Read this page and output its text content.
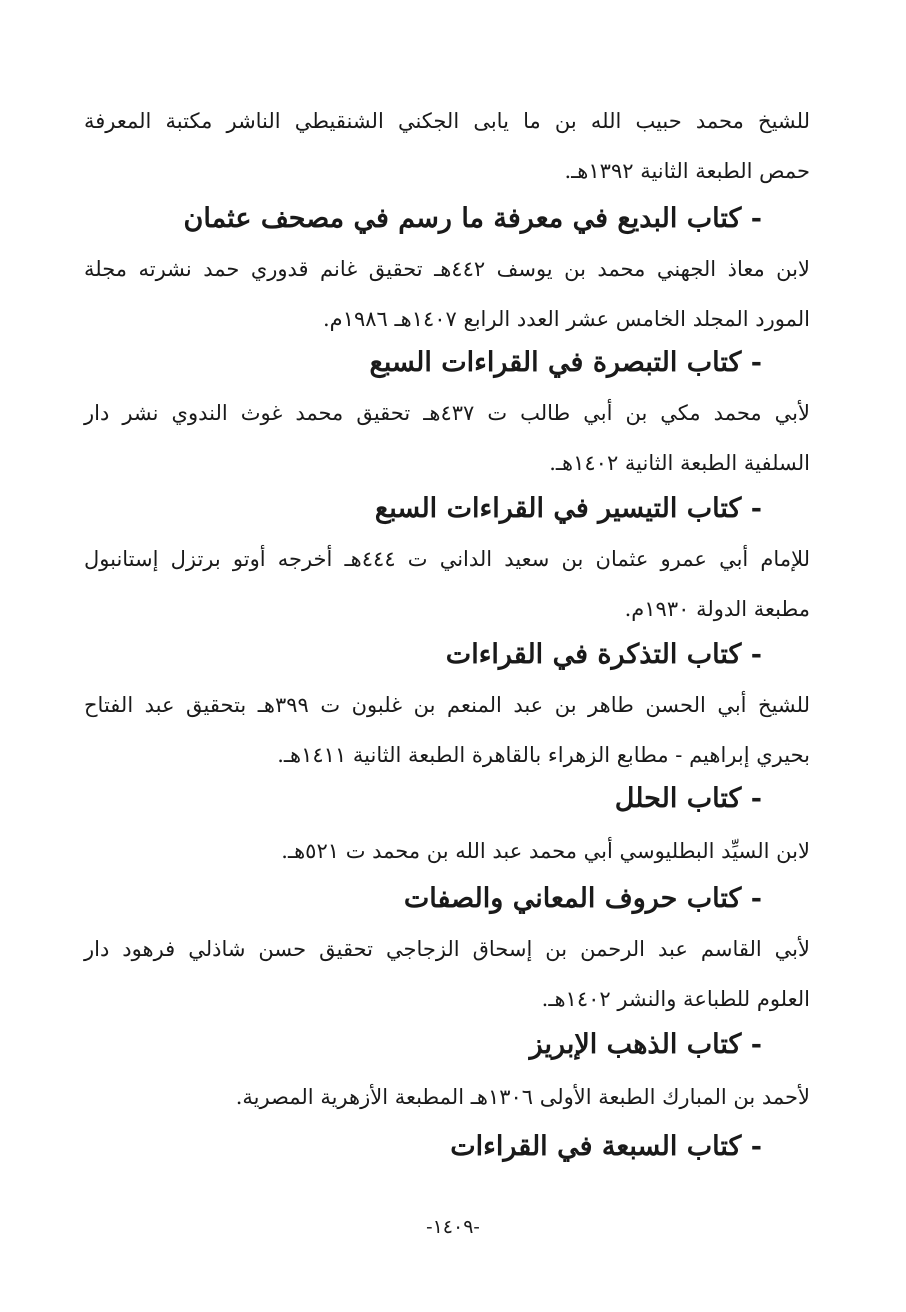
للشيخ محمد حبيب الله بن ما يابى الجكني الشنقيطي الناشر مكتبة المعرفة
حمص الطبعة الثانية ١٣٩٢هـ.
- كتاب البديع في معرفة ما رسم في مصحف عثمان
لابن معاذ الجهني محمد بن يوسف ٤٤٢هـ تحقيق غانم قدوري حمد نشرته مجلة
المورد المجلد الخامس عشر العدد الرابع ١٤٠٧هـ ١٩٨٦م.
- كتاب التبصرة في القراءات السبع
لأبي محمد مكي بن أبي طالب ت ٤٣٧هـ تحقيق محمد غوث الندوي نشر دار
السلفية الطبعة الثانية ١٤٠٢هـ.
- كتاب التيسير في القراءات السبع
للإمام أبي عمرو عثمان بن سعيد الداني ت ٤٤٤هـ أخرجه أوتو برتزل إستانبول
مطبعة الدولة ١٩٣٠م.
- كتاب التذكرة في القراءات
للشيخ أبي الحسن طاهر بن عبد المنعم بن غلبون ت ٣٩٩هـ بتحقيق عبد الفتاح
بحيري إبراهيم - مطابع الزهراء بالقاهرة الطبعة الثانية ١٤١١هـ.
- كتاب الحلل
لابن السيِّد البطليوسي أبي محمد عبد الله بن محمد ت ٥٢١هـ.
- كتاب حروف المعاني والصفات
لأبي القاسم عبد الرحمن بن إسحاق الزجاجي تحقيق حسن شاذلي فرهود دار
العلوم للطباعة والنشر ١٤٠٢هـ.
- كتاب الذهب الإبريز
لأحمد بن المبارك الطبعة الأولى ١٣٠٦هـ المطبعة الأزهرية المصرية.
- كتاب السبعة في القراءات
-١٤٠٩-
